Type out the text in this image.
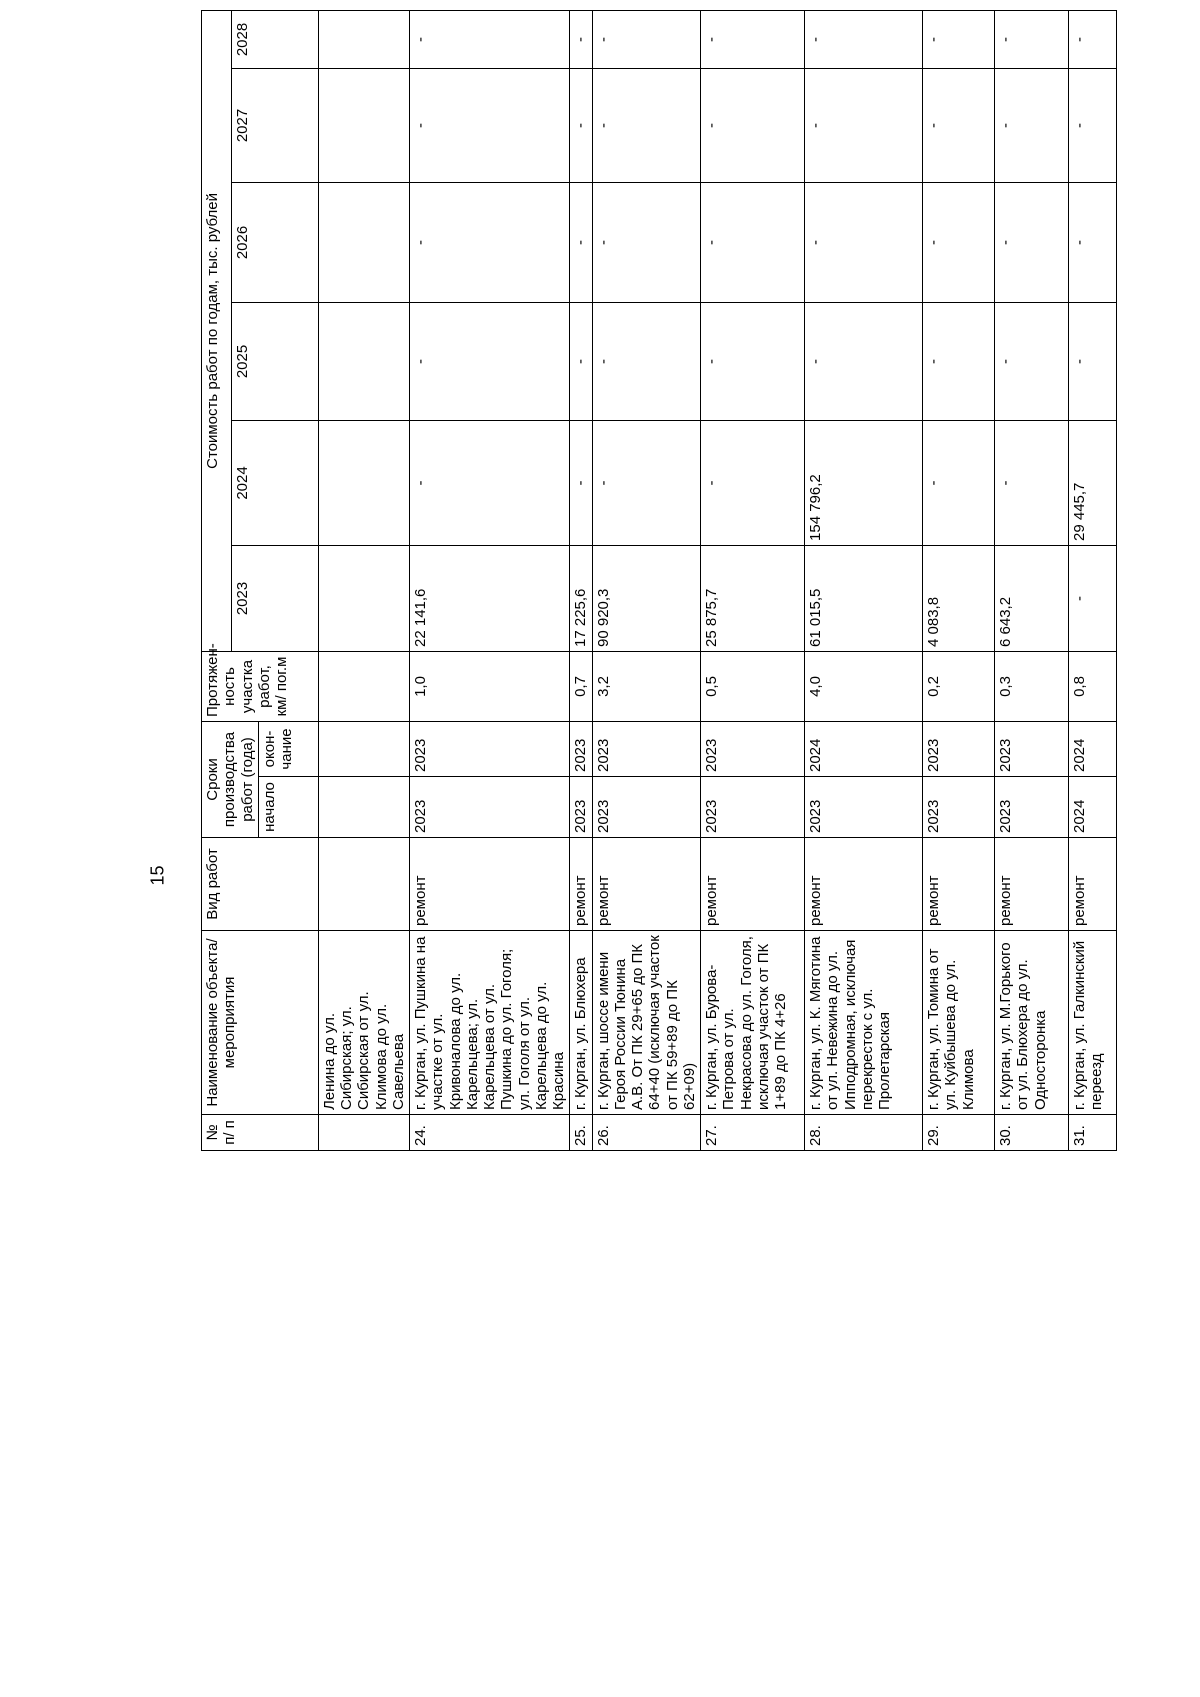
15
№ п/ п	Наименование объекта/ мероприятия	Вид работ	Сроки производства работ (года)		Протяжен- ность участка работ, км/ пог.м	Стоимость работ по годам, тыс. рублей					
						2023	2024	2025	2026	2027	2028
			начало	окон- чание							
	Ленина до ул. Сибирская; ул. Сибирская от ул. Климова до ул. Савельева										
24.	г. Курган, ул. Пушкина на участке от ул. Кривоналова до ул. Карельцева; ул. Карельцева от ул. Пушкина до ул. Гоголя; ул. Гоголя от ул. Карельцева до ул. Красина	ремонт	2023	2023	1,0	22 141,6	-	-	-	-	-
25.	г. Курган, ул. Блюхера	ремонт	2023	2023	0,7	17 225,6	-	-	-	-	-
26.	г. Курган, шоссе имени Героя России Тюнина А.В. От ПК 29+65 до ПК 64+40 (исключая участок от ПК 59+89 до ПК 62+09)	ремонт	2023	2023	3,2	90 920,3	-	-	-	-	-
27.	г. Курган, ул. Бурова-Петрова от ул. Некрасова до ул. Гоголя, исключая участок от ПК 1+89 до ПК 4+26	ремонт	2023	2023	0,5	25 875,7	-	-	-	-	-
28.	г. Курган, ул. К. Мяготина от ул. Невежина до ул. Ипподромная, исключая перекресток с ул. Пролетарская	ремонт	2023	2024	4,0	61 015,5	154 796,2	-	-	-	-
29.	г. Курган, ул. Томина от ул. Куйбышева до ул. Климова	ремонт	2023	2023	0,2	4 083,8	-	-	-	-	-
30.	г. Курган, ул. М.Горького от ул. Блюхера до ул. Односторонка	ремонт	2023	2023	0,3	6 643,2	-	-	-	-	-
31.	г. Курган, ул. Галкинский переезд	ремонт	2024	2024	0,8	-	29 445,7	-	-	-	-
